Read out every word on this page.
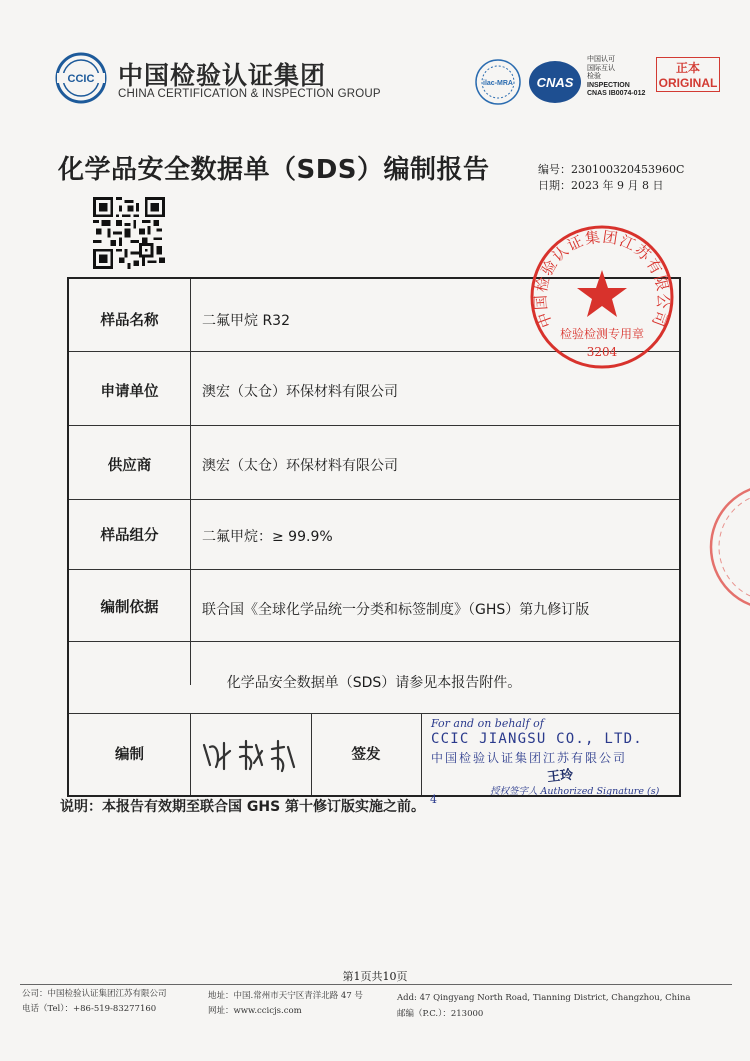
CCIC 中国检验认证集团
CHINA CERTIFICATION & INSPECTION GROUP
ilac-MRA CNAS
中国认可
国际互认
检验
INSPECTION
CNAS IB0074-012
正本
ORIGINAL
化学品安全数据单（SDS）编制报告	编号：230100320453960C
日期：2023 年 9 月 8 日
样品名称	二氟甲烷 R32
申请单位	澳宏（太仓）环保材料有限公司
供应商	澳宏（太仓）环保材料有限公司
样品组分	二氟甲烷：≥ 99.9%
编制依据	联合国《全球化学品统一分类和标签制度》（GHS）第九修订版
化学品安全数据单（SDS）请参见本报告附件。
编制	签发
For and on behalf of
CCIC JIANGSU CO., LTD.
中国检验认证集团江苏有限公司
王玲
授权签字人 Authorized Signature (s)
中国检验认证集团江苏有限公司
检验检测专用章
3204
4
说明：本报告有效期至联合国 GHS 第十修订版实施之前。
第1页共10页
公司：中国检验认证集团江苏有限公司
电话（Tel）：+86-519-83277160
地址：中国.常州市天宁区青洋北路 47 号
网址：www.ccicjs.com
Add: 47 Qingyang North Road, Tianning District, Changzhou, China
邮编（P.C.）：213000
